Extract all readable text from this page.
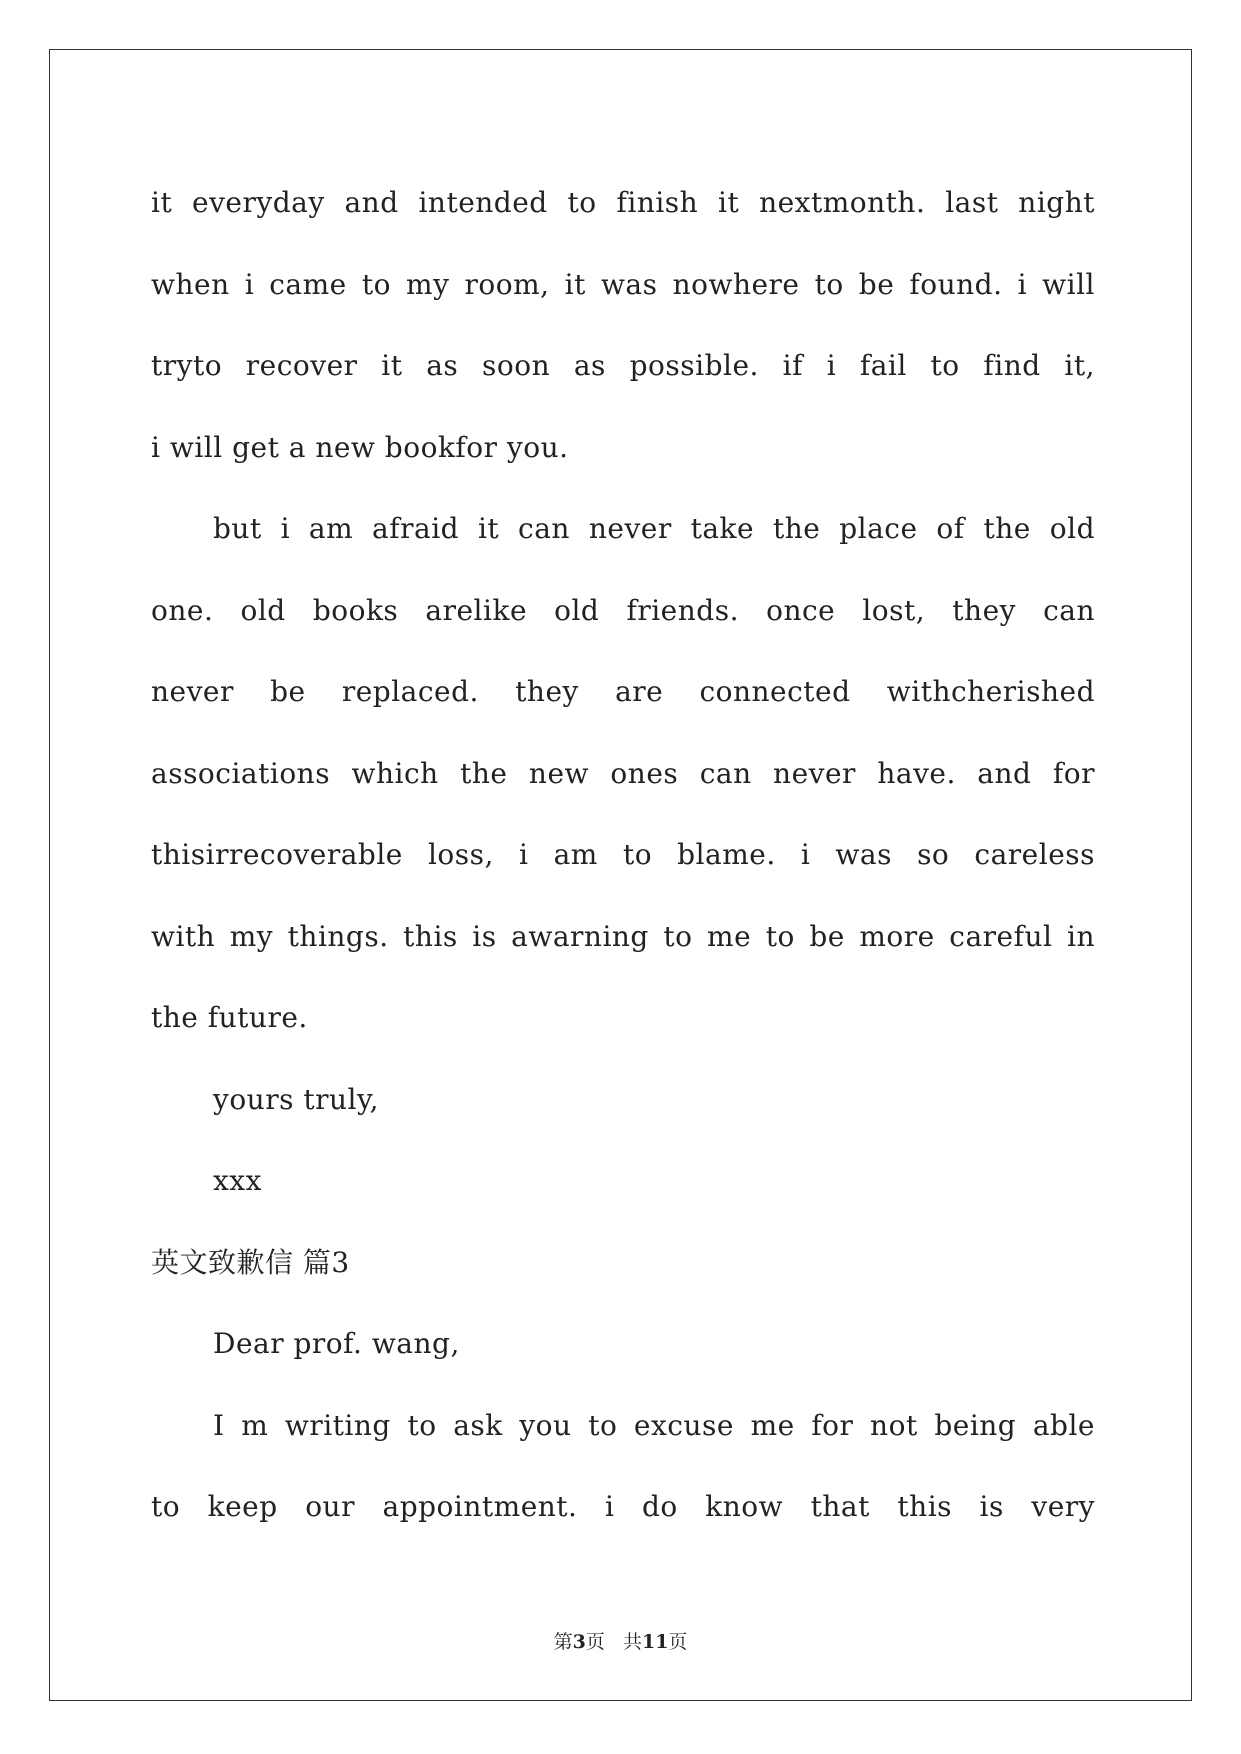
it everyday and intended to finish it nextmonth. last night
when i came to my room, it was nowhere to be found. i will
tryto recover it as soon as possible. if i fail to find it,
i will get a new bookfor you.
but i am afraid it can never take the place of the old
one. old books arelike old friends. once lost, they can
never be replaced. they are connected withcherished
associations which the new ones can never have. and for
thisirrecoverable loss, i am to blame. i was so careless
with my things. this is awarning to me to be more careful in
the future.
yours truly,
xxx
英文致歉信 篇3
Dear prof. wang,
I m writing to ask you to excuse me for not being able
to keep our appointment. i do know that this is very
第3页 共11页
